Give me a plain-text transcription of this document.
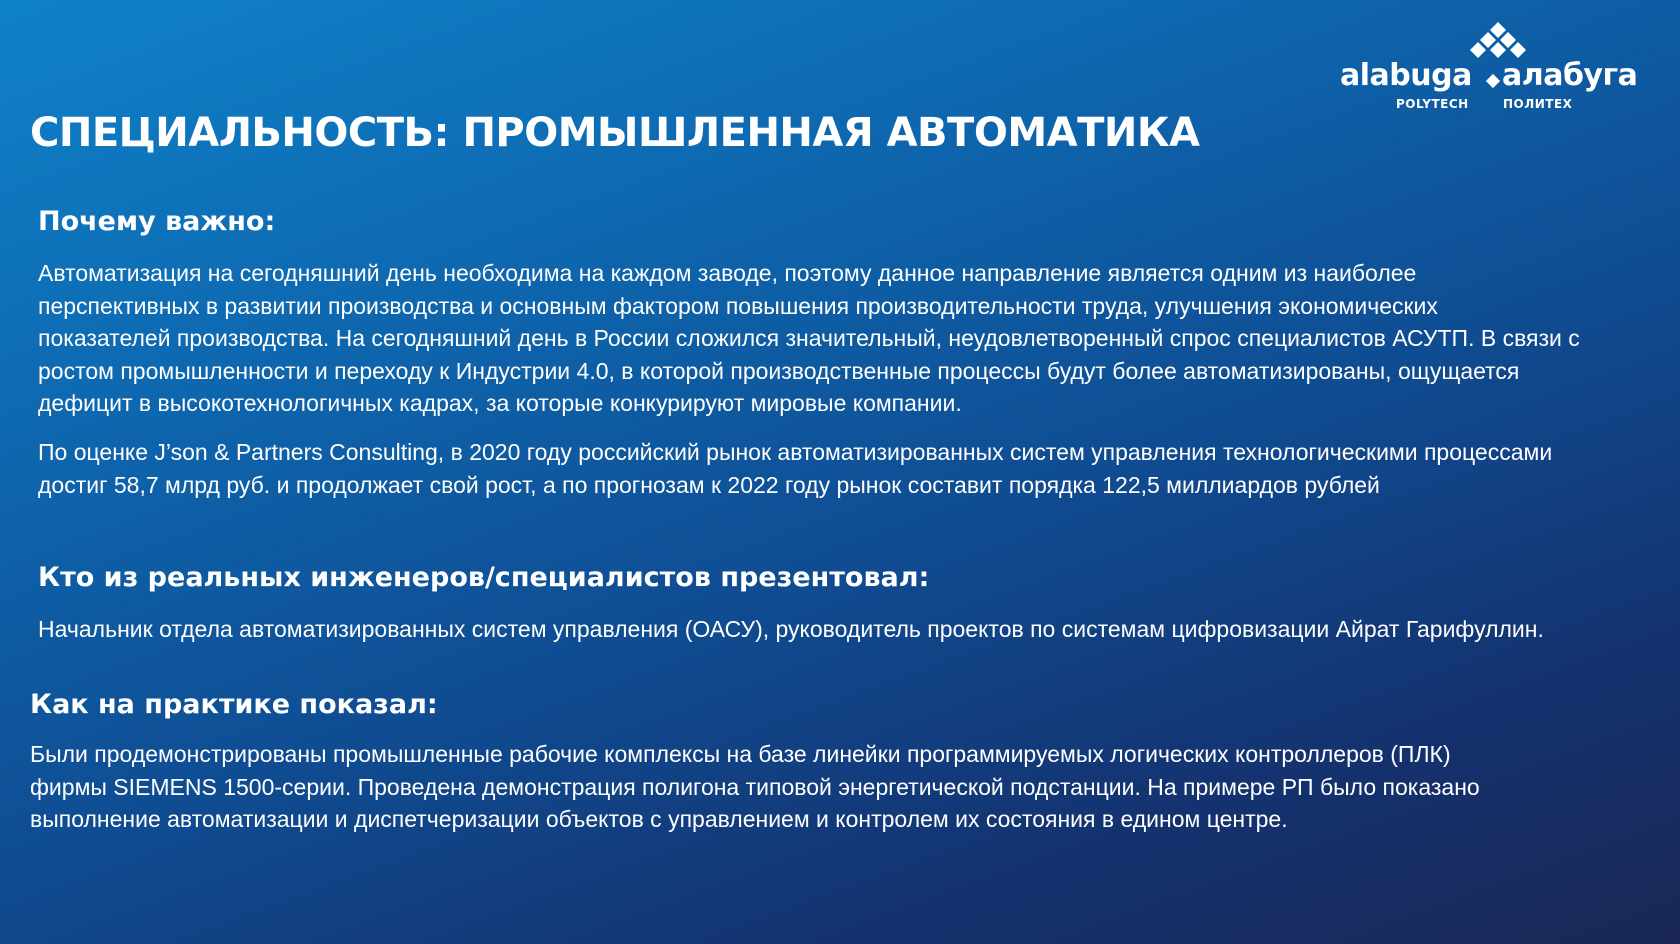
alabuga алабуга
POLYTECH	ПОЛИТЕХ
СПЕЦИАЛЬНОСТЬ: ПРОМЫШЛЕННАЯ АВТОМАТИКА
Почему важно:
Автоматизация на сегодняшний день необходима на каждом заводе, поэтому данное направление является одним из наиболее
перспективных в развитии производства и основным фактором повышения производительности труда, улучшения экономических
показателей производства. На сегодняшний день в России сложился значительный, неудовлетворенный спрос специалистов АСУТП. В связи с
ростом промышленности и переходу к Индустрии 4.0, в которой производственные процессы будут более автоматизированы, ощущается
дефицит в высокотехнологичных кадрах, за которые конкурируют мировые компании.
По оценке J’son & Partners Consulting, в 2020 году российский рынок автоматизированных систем управления технологическими процессами
достиг 58,7 млрд руб. и продолжает свой рост, а по прогнозам к 2022 году рынок составит порядка 122,5 миллиардов рублей
Кто из реальных инженеров/специалистов презентовал:
Начальник отдела автоматизированных систем управления (ОАСУ), руководитель проектов по системам цифровизации Айрат Гарифуллин.
Как на практике показал:
Были продемонстрированы промышленные рабочие комплексы на базе линейки программируемых логических контроллеров (ПЛК)
фирмы SIEMENS 1500-серии. Проведена демонстрация полигона типовой энергетической подстанции. На примере РП было показано
выполнение автоматизации и диспетчеризации объектов с управлением и контролем их состояния в едином центре.
